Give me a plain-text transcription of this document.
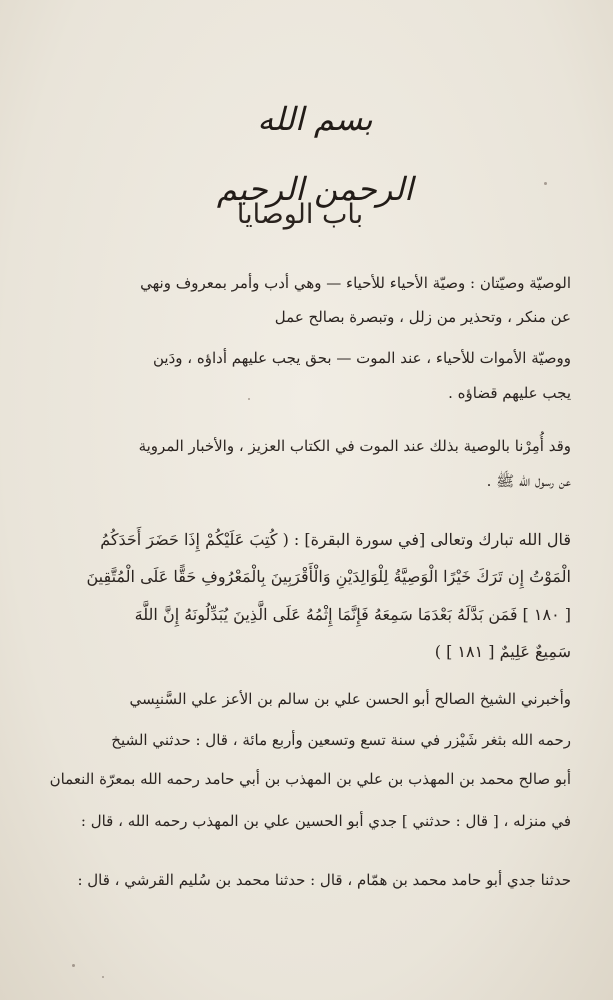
بسم الله الرحمن الرحيم
باب الوصايا
الوصيّة وصيّتان : وصيّة الأحياء للأحياء — وهي أدب وأمر بمعروف ونهي
عن منكر ، وتحذير من زلل ، وتبصرة بصالح عمل
ووصيّة الأموات للأحياء ، عند الموت — بحق يجب عليهم أداؤه ، ودَين
يجب عليهم قضاؤه .
وقد أُمِرْنا بالوصية بذلك عند الموت في الكتاب العزيز ، والأخبار المروية
عن رسول الله ﷺ .
قال الله تبارك وتعالى [في سورة البقرة] : ( كُتِبَ عَلَيْكُمْ إِذَا حَضَرَ أَحَدَكُمُ
الْمَوْتُ إِن تَرَكَ خَيْرًا الْوَصِيَّةُ لِلْوَالِدَيْنِ وَالْأَقْرَبِينَ بِالْمَعْرُوفِ حَقًّا عَلَى الْمُتَّقِينَ
[ ١٨٠ ] فَمَن بَدَّلَهُ بَعْدَمَا سَمِعَهُ فَإِنَّمَا إِثْمُهُ عَلَى الَّذِينَ يُبَدِّلُونَهُ إِنَّ اللَّهَ
سَمِيعٌ عَلِيمٌ [ ١٨١ ] )
وأخبرني الشيخ الصالح أبو الحسن علي بن سالم بن الأعز علي السَّنبِسي
رحمه الله بثغر شَيْزر في سنة تسع وتسعين وأربع مائة ، قال : حدثني الشيخ
أبو صالح محمد بن المهذب بن علي بن المهذب بن أبي حامد رحمه الله بمعرّة النعمان
في منزله ، [ قال : حدثني ] جدي أبو الحسين علي بن المهذب رحمه الله ، قال :
حدثنا جدي أبو حامد محمد بن همّام ، قال : حدثنا محمد بن سُليم القرشي ، قال :
